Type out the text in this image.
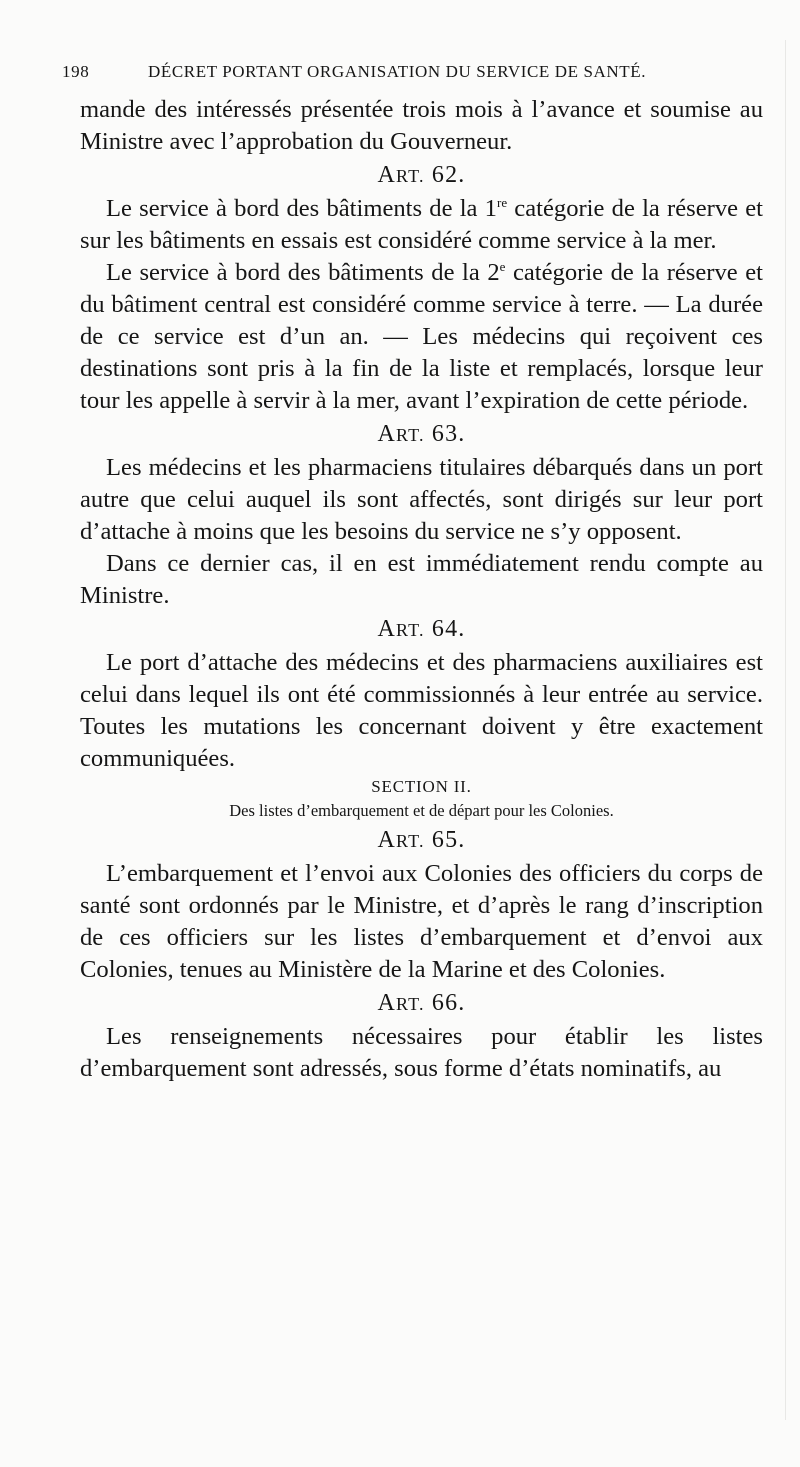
198	DÉCRET PORTANT ORGANISATION DU SERVICE DE SANTÉ.

mande des intéressés présentée trois mois à l’avance et soumise au Ministre avec l’approbation du Gouverneur.

ART. 62.

Le service à bord des bâtiments de la 1re catégorie de la réserve et sur les bâtiments en essais est considéré comme service à la mer.

Le service à bord des bâtiments de la 2e catégorie de la réserve et du bâtiment central est considéré comme service à terre. — La durée de ce service est d’un an. — Les médecins qui reçoivent ces destinations sont pris à la fin de la liste et remplacés, lorsque leur tour les appelle à servir à la mer, avant l’expiration de cette période.

ART. 63.

Les médecins et les pharmaciens titulaires débarqués dans un port autre que celui auquel ils sont affectés, sont dirigés sur leur port d’attache à moins que les besoins du service ne s’y opposent.

Dans ce dernier cas, il en est immédiatement rendu compte au Ministre.

ART. 64.

Le port d’attache des médecins et des pharmaciens auxiliaires est celui dans lequel ils ont été commissionnés à leur entrée au service. Toutes les mutations les concernant doivent y être exactement communiquées.

SECTION II.

Des listes d’embarquement et de départ pour les Colonies.

ART. 65.

L’embarquement et l’envoi aux Colonies des officiers du corps de santé sont ordonnés par le Ministre, et d’après le rang d’inscription de ces officiers sur les listes d’embarquement et d’envoi aux Colonies, tenues au Ministère de la Marine et des Colonies.

ART. 66.

Les renseignements nécessaires pour établir les listes d’embarquement sont adressés, sous forme d’états nominatifs, au
